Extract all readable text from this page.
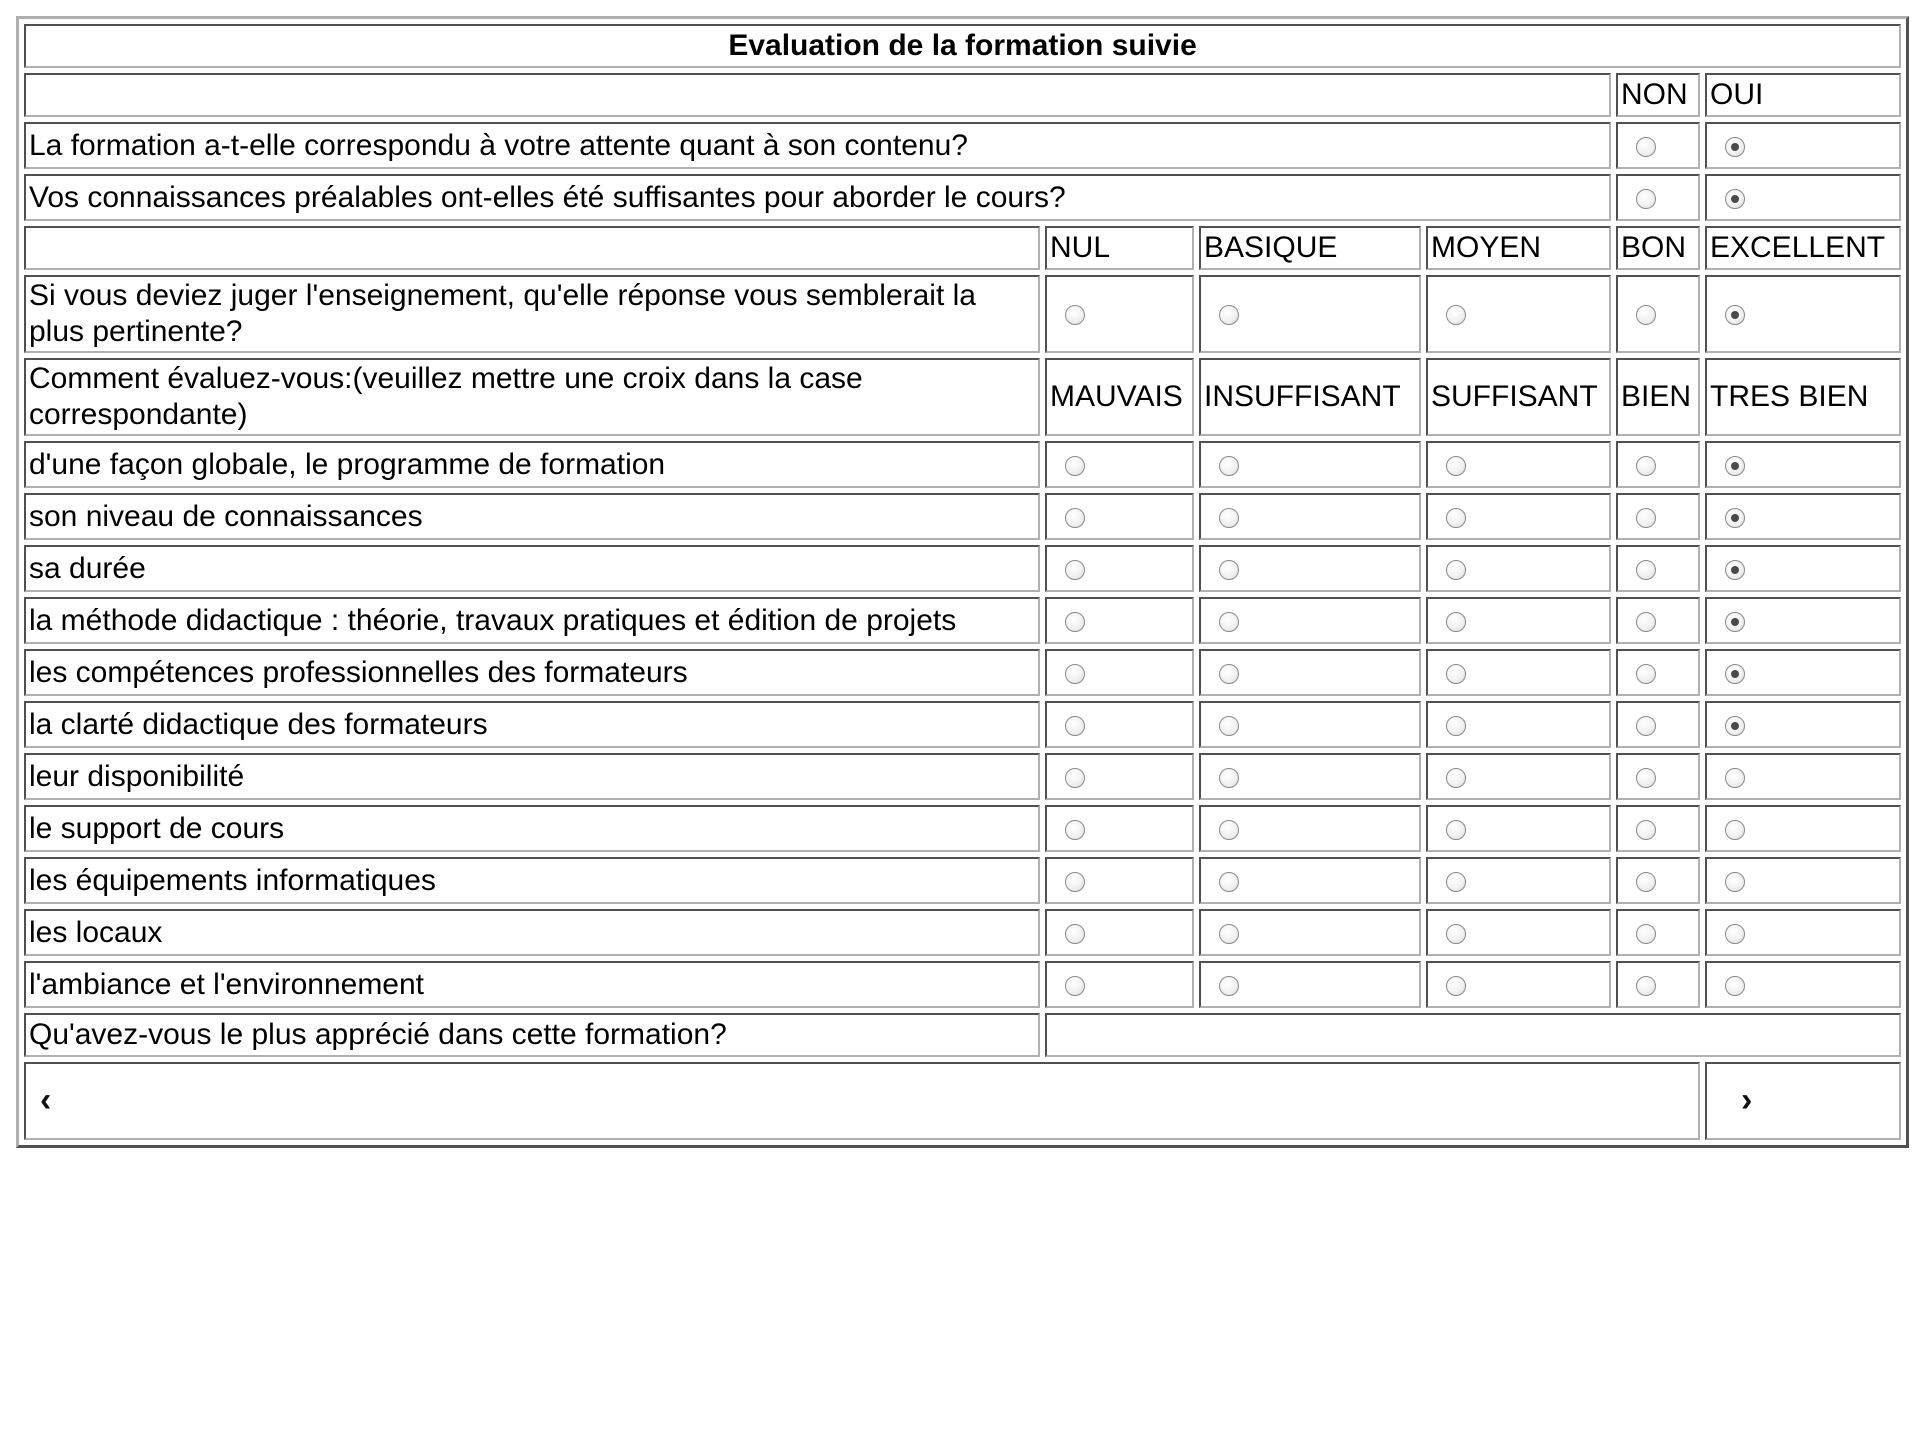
Evaluation de la formation suivie					
				NON	OUI
La formation a-t-elle correspondu à votre attente quant à son contenu?					
Vos connaissances préalables ont-elles été suffisantes pour aborder le cours?					
	NUL	BASIQUE	MOYEN	BON	EXCELLENT
Si vous deviez juger l'enseignement, qu'elle réponse vous semblerait la plus pertinente?					
Comment évaluez-vous:(veuillez mettre une croix dans la case correspondante)	MAUVAIS	INSUFFISANT	SUFFISANT	BIEN	TRES BIEN
d'une façon globale, le programme de formation					
son niveau de connaissances					
sa durée					
la méthode didactique : théorie, travaux pratiques et édition de projets					
les compétences professionnelles des formateurs					
la clarté didactique des formateurs					
leur disponibilité					
le support de cours					
les équipements informatiques					
les locaux					
l'ambiance et l'environnement					
Qu'avez-vous le plus apprécié dans cette formation?					
‹					›
